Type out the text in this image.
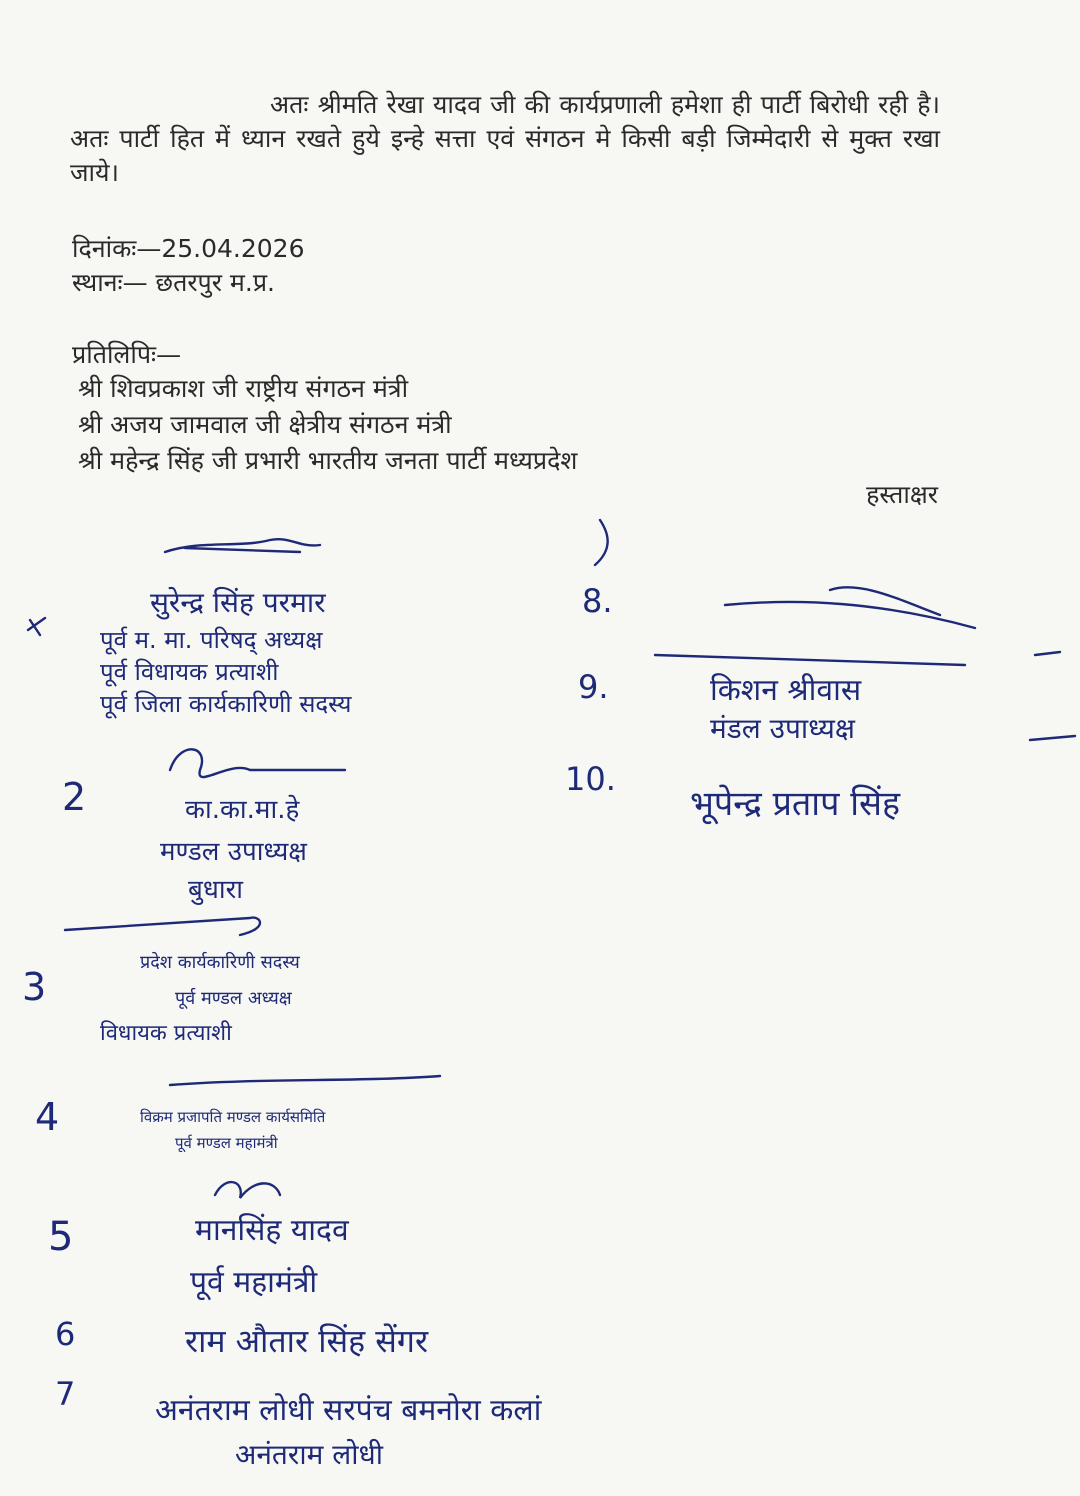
अतः श्रीमति रेखा यादव जी की कार्यप्रणाली हमेशा ही पार्टी बिरोधी रही है। अतः पार्टी हित में ध्यान रखते हुये इन्हे सत्ता एवं संगठन मे किसी बड़ी जिम्मेदारी से मुक्त रखा जाये।
दिनांकः—25.04.2026
स्थानः— छतरपुर म.प्र.
प्रतिलिपिः—
श्री शिवप्रकाश जी राष्ट्रीय संगठन मंत्री
श्री अजय जामवाल जी क्षेत्रीय संगठन मंत्री
श्री महेन्द्र सिंह जी प्रभारी भारतीय जनता पार्टी मध्यप्रदेश
हस्ताक्षर
2
3
4
5
6
7
8.
9.
10.
सुरेन्द्र सिंह परमार
पूर्व म. मा. परिषद् अध्यक्ष
पूर्व विधायक प्रत्याशी
पूर्व जिला कार्यकारिणी सदस्य
का.का.मा.हे
मण्डल उपाध्यक्ष
बुधारा
प्रदेश कार्यकारिणी सदस्य
पूर्व मण्डल अध्यक्ष
विधायक प्रत्याशी
विक्रम प्रजापति मण्डल कार्यसमिति
पूर्व मण्डल महामंत्री
मानसिंह यादव
पूर्व महामंत्री
राम औतार सिंह सेंगर
अनंतराम लोधी सरपंच बमनोरा कलां
अनंतराम लोधी
किशन श्रीवास
मंडल उपाध्यक्ष
भूपेन्द्र प्रताप सिंह
